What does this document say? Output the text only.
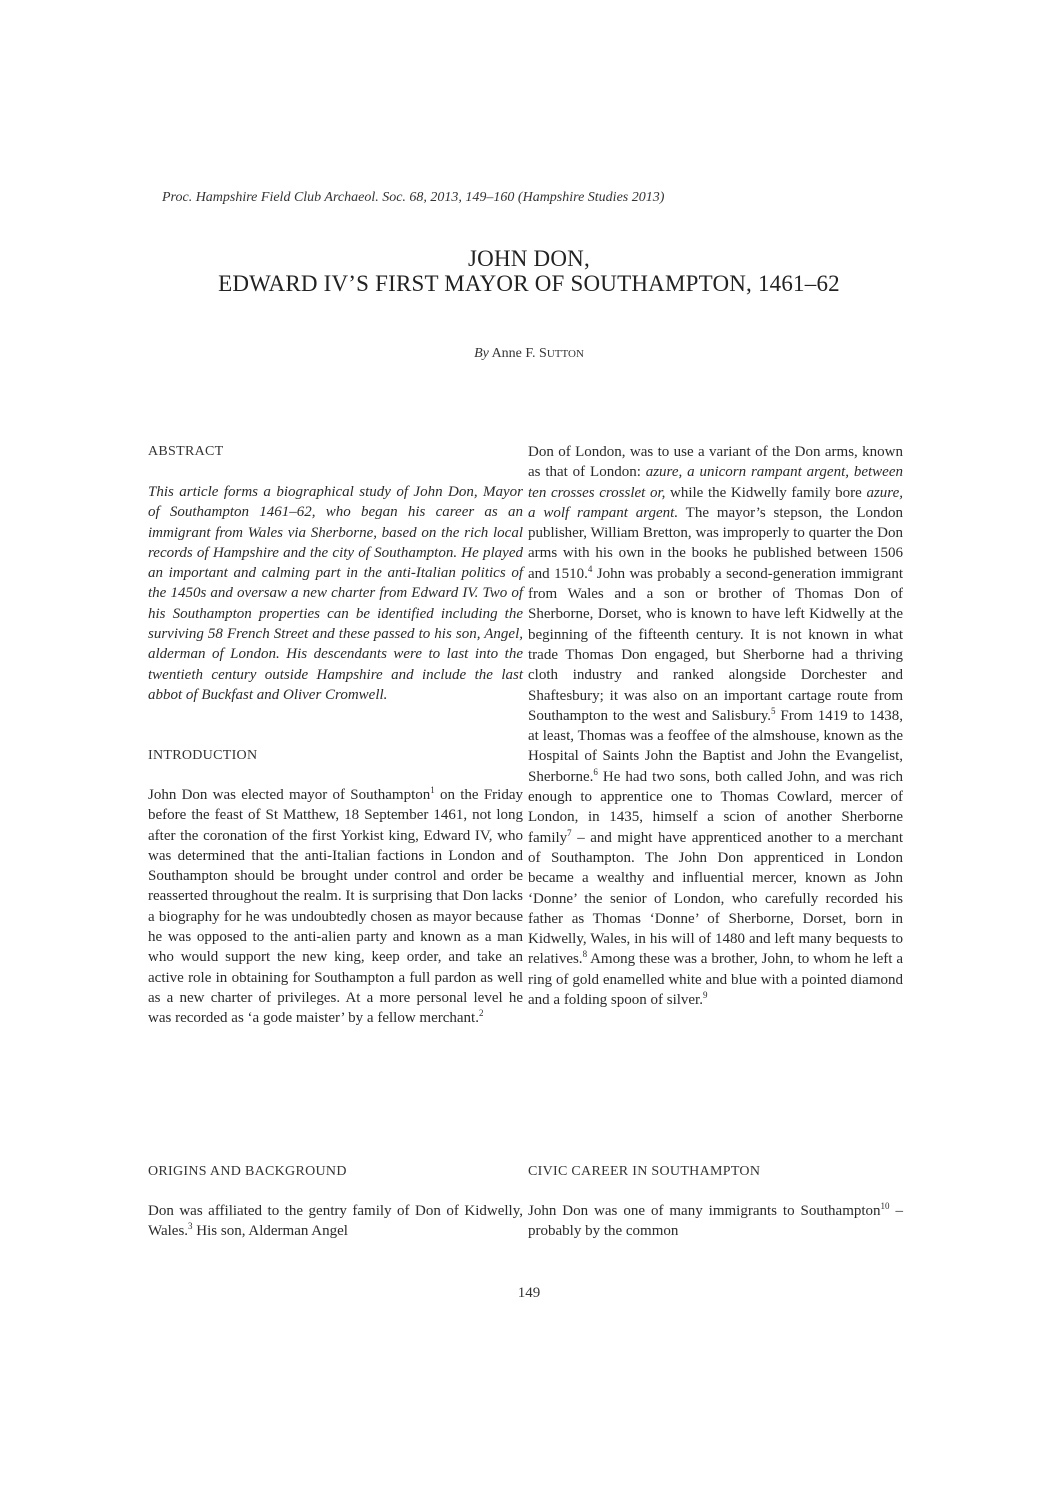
Proc. Hampshire Field Club Archaeol. Soc. 68, 2013, 149–160 (Hampshire Studies 2013)
JOHN DON,
EDWARD IV’S FIRST MAYOR OF SOUTHAMPTON, 1461–62
By Anne F. SUTTON
ABSTRACT
This article forms a biographical study of John Don, Mayor of Southampton 1461–62, who began his career as an immigrant from Wales via Sherborne, based on the rich local records of Hampshire and the city of Southampton. He played an important and calming part in the anti-Italian politics of the 1450s and oversaw a new charter from Edward IV. Two of his Southampton properties can be identified including the surviving 58 French Street and these passed to his son, Angel, alderman of London. His descendants were to last into the twentieth century outside Hampshire and include the last abbot of Buckfast and Oliver Cromwell.
INTRODUCTION

John Don was elected mayor of Southampton$^1$ on the Friday before the feast of St Matthew, 18 September 1461, not long after the coronation of the first Yorkist king, Edward IV, who was determined that the anti-Italian factions in London and Southampton should be brought under control and order be reasserted throughout the realm. It is surprising that Don lacks a biography for he was undoubtedly chosen as mayor because he was opposed to the anti-alien party and known as a man who would support the new king, keep order, and take an active role in obtaining for Southampton a full pardon as well as a new charter of privileges. At a more personal level he was recorded as ‘a gode maister’ by a fellow merchant.$^2$

ORIGINS AND BACKGROUND

Don was affiliated to the gentry family of Don of Kidwelly, Wales.$^3$ His son, Alderman Angel

Don of London, was to use a variant of the Don arms, known as that of London: azure, a unicorn rampant argent, between ten crosses crosslet or, while the Kidwelly family bore azure, a wolf rampant argent. The mayor’s stepson, the London publisher, William Bretton, was improperly to quarter the Don arms with his own in the books he published between 1506 and 1510.$^4$ John was probably a second-generation immigrant from Wales and a son or brother of Thomas Don of Sherborne, Dorset, who is known to have left Kidwelly at the beginning of the fifteenth century. It is not known in what trade Thomas Don engaged, but Sherborne had a thriving cloth industry and ranked alongside Dorchester and Shaftesbury; it was also on an important cartage route from Southampton to the west and Salisbury.$^5$ From 1419 to 1438, at least, Thomas was a feoffee of the almshouse, known as the Hospital of Saints John the Baptist and John the Evangelist, Sherborne.$^6$ He had two sons, both called John, and was rich enough to apprentice one to Thomas Cowlard, mercer of London, in 1435, himself a scion of another Sherborne family$^7$ – and might have apprenticed another to a merchant of Southampton. The John Don apprenticed in London became a wealthy and influential mercer, known as John ‘Donne’ the senior of London, who carefully recorded his father as Thomas ‘Donne’ of Sherborne, Dorset, born in Kidwelly, Wales, in his will of 1480 and left many bequests to relatives.$^8$ Among these was a brother, John, to whom he left a ring of gold enamelled white and blue with a pointed diamond and a folding spoon of silver.$^9$

CIVIC CAREER IN SOUTHAMPTON

John Don was one of many immigrants to Southampton$^{10}$ – probably by the common

149
